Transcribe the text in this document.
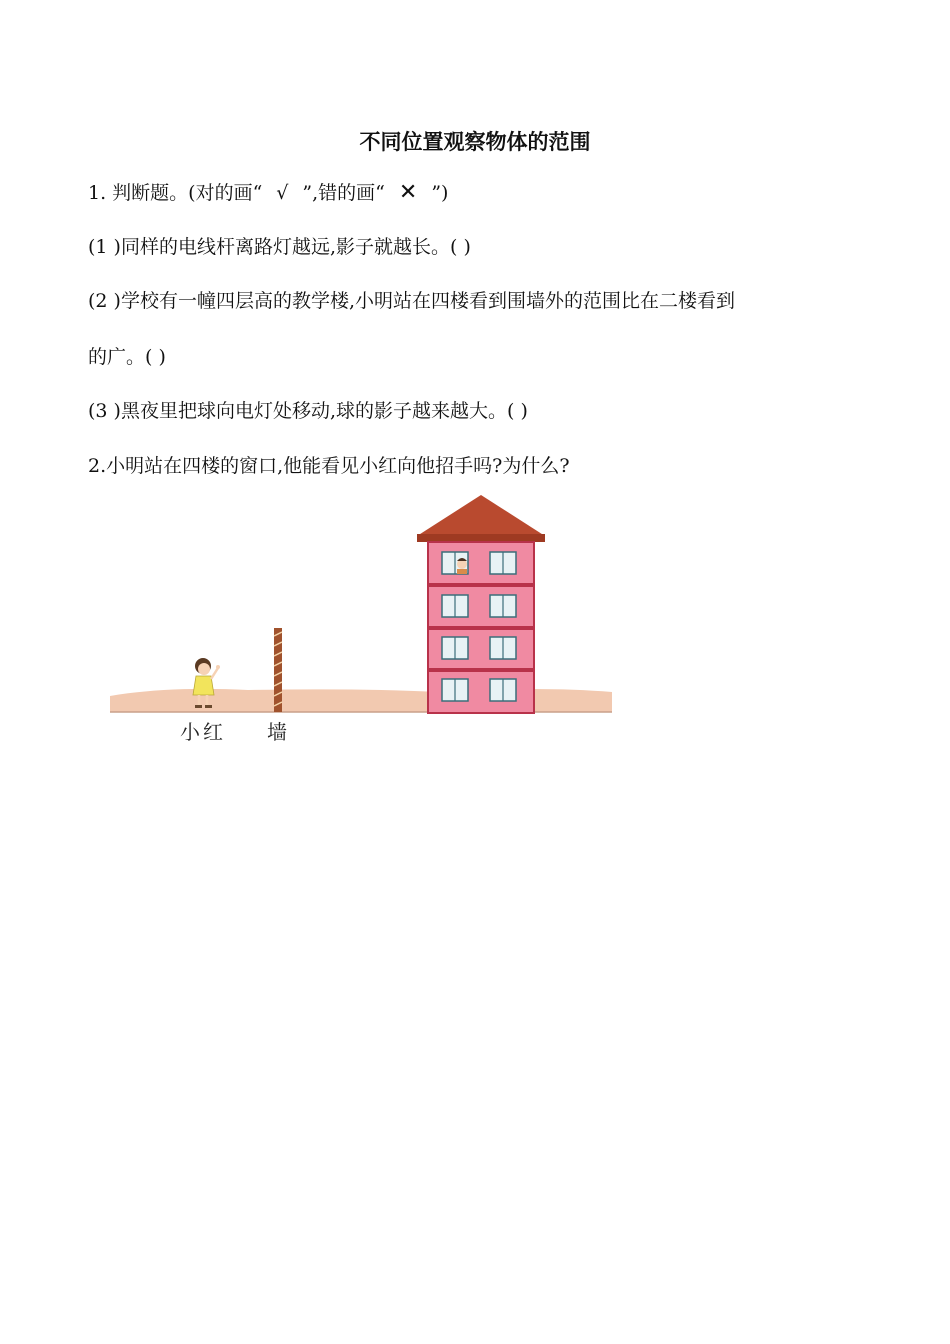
不同位置观察物体的范围
1. 判断题。(对的画“ √ ”,错的画“ ✕ ”)
(1 )同样的电线杆离路灯越远,影子就越长。( )
(2 )学校有一幢四层高的教学楼,小明站在四楼看到围墙外的范围比在二楼看到
的广。( )
(3 )黑夜里把球向电灯处移动,球的影子越来越大。( )
2.小明站在四楼的窗口,他能看见小红向他招手吗?为什么?
小红 墙
